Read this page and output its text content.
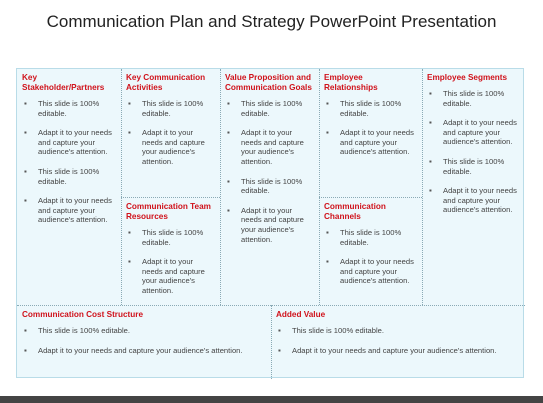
Communication Plan and Strategy PowerPoint Presentation
Key Stakeholder/Partners
▪ This slide is 100% editable.
▪ Adapt it to your needs and capture your audience's attention.
▪ This slide is 100% editable.
▪ Adapt it to your needs and capture your audience's attention.
Key Communication Activities
▪ This slide is 100% editable.
▪ Adapt it to your needs and capture your audience's attention.
Communication Team Resources
▪ This slide is 100% editable.
▪ Adapt it to your needs and capture your audience's attention.
Value Proposition and Communication Goals
▪ This slide is 100% editable.
▪ Adapt it to your needs and capture your audience's attention.
▪ This slide is 100% editable.
▪ Adapt it to your needs and capture your audience's attention.
Employee Relationships
▪ This slide is 100% editable.
▪ Adapt it to your needs and capture your audience's attention.
Communication Channels
▪ This slide is 100% editable.
▪ Adapt it to your needs and capture your audience's attention.
Employee Segments
▪ This slide is 100% editable.
▪ Adapt it to your needs and capture your audience's attention.
▪ This slide is 100% editable.
▪ Adapt it to your needs and capture your audience's attention.
Communication Cost Structure
▪ This slide is 100% editable.
▪ Adapt it to your needs and capture your audience's attention.
Added Value
▪ This slide is 100% editable.
▪ Adapt it to your needs and capture your audience's attention.
